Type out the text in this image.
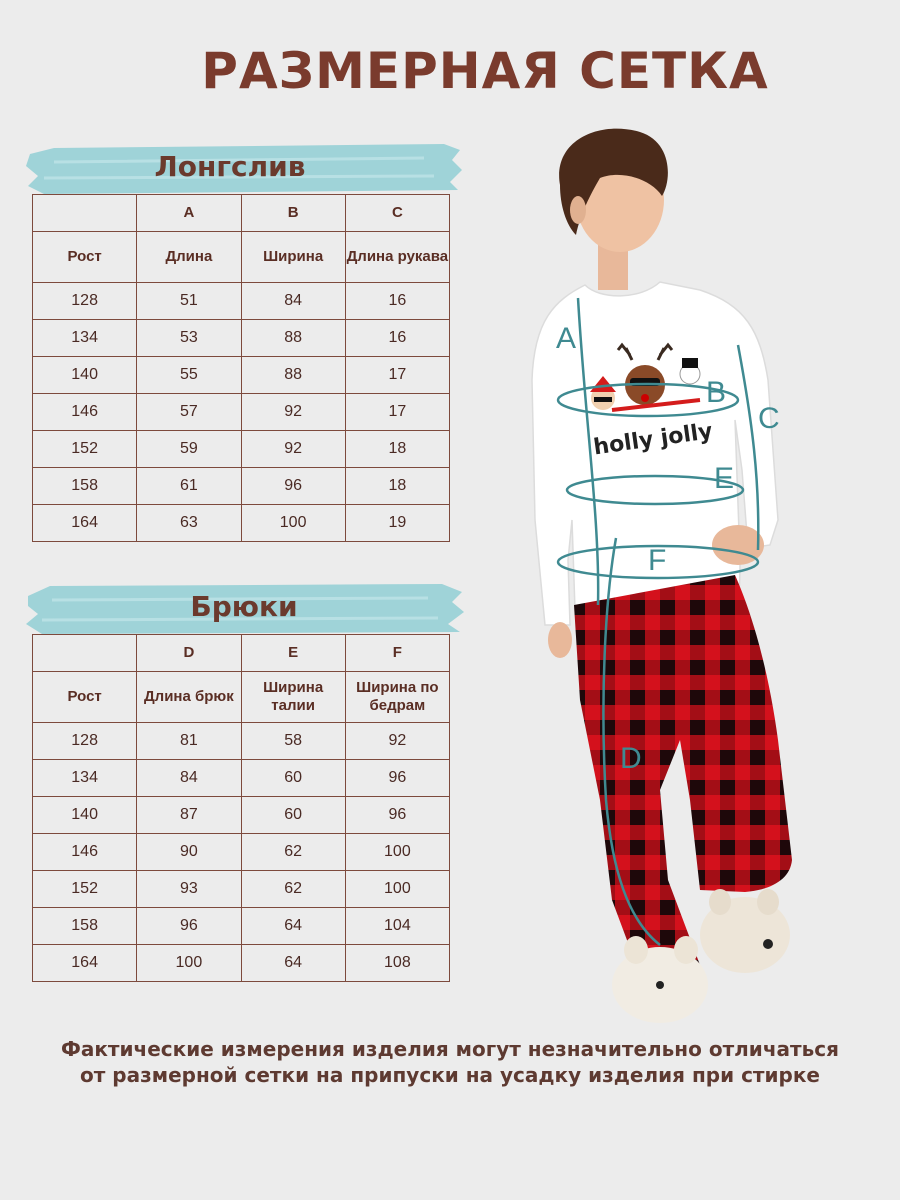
РАЗМЕРНАЯ СЕТКА
Лонгслив
	A	B	C
Рост	Длина	Ширина	Длина рукава
128	51	84	16
134	53	88	16
140	55	88	17
146	57	92	17
152	59	92	18
158	61	96	18
164	63	100	19
Брюки
	D	E	F
Рост	Длина брюк	Ширина талии	Ширина по бедрам
128	81	58	92
134	84	60	96
140	87	60	96
146	90	62	100
152	93	62	100
158	96	64	104
164	100	64	108
holly jolly
A
B
C
E
F
D
Фактические измерения изделия могут незначительно отличаться от размерной сетки на припуски на усадку изделия при стирке
